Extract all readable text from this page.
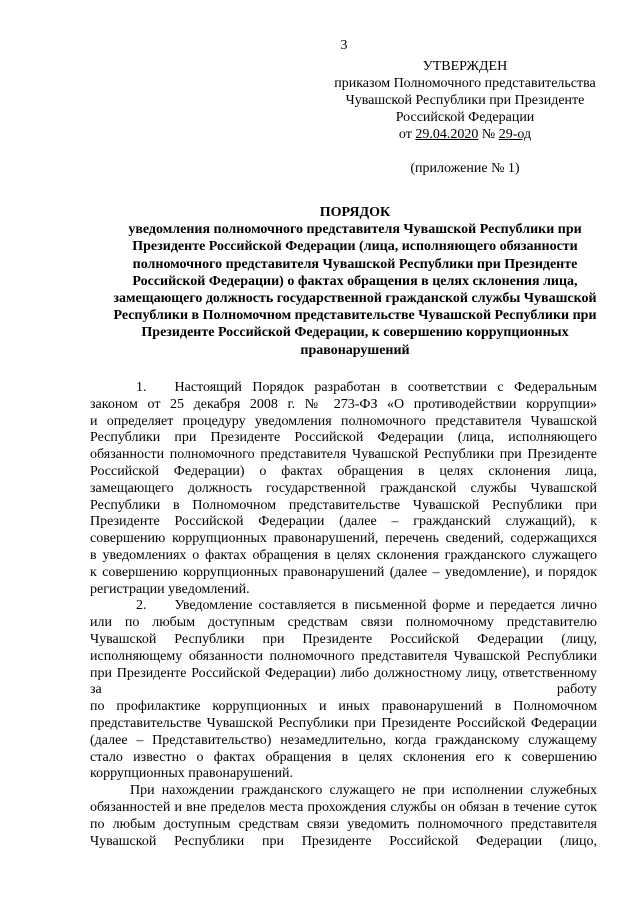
3
УТВЕРЖДЕН
приказом Полномочного представительства
Чувашской Республики при Президенте
Российской Федерации
от 29.04.2020 № 29-од
(приложение № 1)
ПОРЯДОК
уведомления полномочного представителя Чувашской Республики при
Президенте Российской Федерации (лица, исполняющего обязанности
полномочного представителя Чувашской Республики при Президенте
Российской Федерации) о фактах обращения в целях склонения лица,
замещающего должность государственной гражданской службы Чувашской
Республики в Полномочном представительстве Чувашской Республики при
Президенте Российской Федерации, к совершению коррупционных
правонарушений
1.  Настоящий Порядок разработан в соответствии с Федеральным
законом от 25 декабря 2008 г. № 273-ФЗ «О противодействии коррупции»
и определяет процедуру уведомления полномочного представителя Чувашской
Республики при Президенте Российской Федерации (лица, исполняющего
обязанности полномочного представителя Чувашской Республики при Президенте
Российской Федерации) о фактах обращения в целях склонения лица,
замещающего должность государственной гражданской службы Чувашской
Республики в Полномочном представительстве Чувашской Республики при
Президенте Российской Федерации (далее – гражданский служащий), к
совершению коррупционных правонарушений, перечень сведений, содержащихся
в уведомлениях о фактах обращения в целях склонения гражданского служащего
к совершению коррупционных правонарушений (далее – уведомление), и порядок
регистрации уведомлений.
2.  Уведомление составляется в письменной форме и передается лично
или по любым доступным средствам связи полномочному представителю
Чувашской Республики при Президенте Российской Федерации (лицу,
исполняющему обязанности полномочного представителя Чувашской Республики
при Президенте Российской Федерации) либо должностному лицу, ответственному
за работу
по профилактике коррупционных и иных правонарушений в Полномочном
представительстве Чувашской Республики при Президенте Российской Федерации
(далее – Представительство) незамедлительно, когда гражданскому служащему
стало известно о фактах обращения в целях склонения его к совершению
коррупционных правонарушений.
При нахождении гражданского служащего не при исполнении служебных
обязанностей и вне пределов места прохождения службы он обязан в течение суток
по любым доступным средствам связи уведомить полномочного представителя
Чувашской Республики при Президенте Российской Федерации (лицо,
